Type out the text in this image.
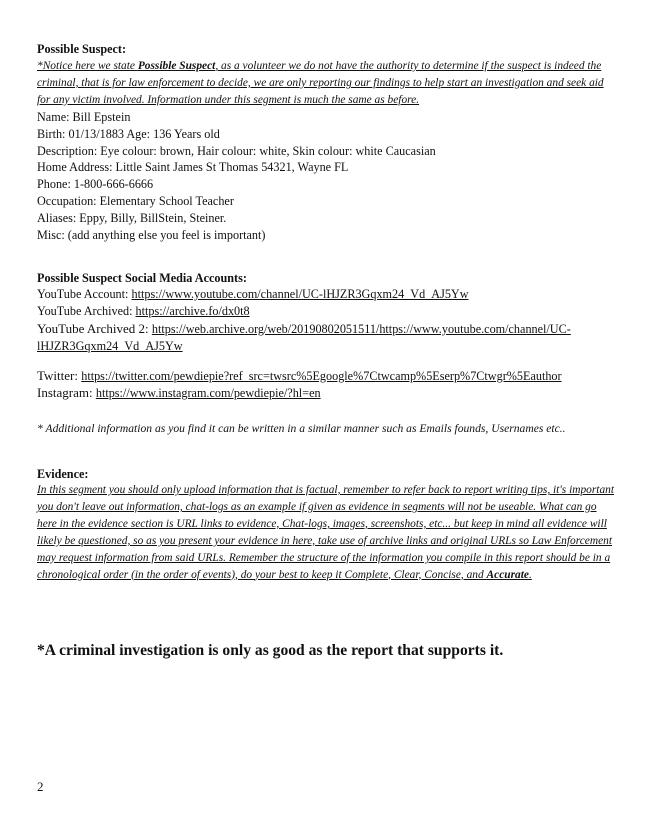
Possible Suspect:
*Notice here we state Possible Suspect, as a volunteer we do not have the authority to determine if the suspect is indeed the criminal, that is for law enforcement to decide, we are only reporting our findings to help start an investigation and seek aid for any victim involved. Information under this segment is much the same as before.
Name: Bill Epstein
Birth: 01/13/1883 Age: 136 Years old
Description: Eye colour: brown, Hair colour: white, Skin colour: white Caucasian
Home Address: Little Saint James St Thomas 54321, Wayne FL
Phone: 1-800-666-6666
Occupation: Elementary School Teacher
Aliases: Eppy, Billy, BillStein, Steiner.
Misc: (add anything else you feel is important)
Possible Suspect Social Media Accounts:
YouTube Account: https://www.youtube.com/channel/UC-lHJZR3Gqxm24_Vd_AJ5Yw
YouTube Archived: https://archive.fo/dx0t8
YouTube Archived 2: https://web.archive.org/web/20190802051511/https://www.youtube.com/channel/UC-
lHJZR3Gqxm24_Vd_AJ5Yw
Twitter: https://twitter.com/pewdiepie?ref_src=twsrc%5Egoogle%7Ctwcamp%5Eserp%7Ctwgr%5Eauthor
Instagram: https://www.instagram.com/pewdiepie/?hl=en
* Additional information as you find it can be written in a similar manner such as Emails founds, Usernames etc..
Evidence:
In this segment you should only upload information that is factual, remember to refer back to report writing tips, it's important you don't leave out information, chat-logs as an example if given as evidence in segments will not be useable. What can go here in the evidence section is URL links to evidence, Chat-logs, images, screenshots, etc... but keep in mind all evidence will likely be questioned, so as you present your evidence in here, take use of archive links and original URLs so Law Enforcement may request information from said URLs. Remember the structure of the information you compile in this report should be in a chronological order (in the order of events), do your best to keep it Complete, Clear, Concise, and Accurate.
*A criminal investigation is only as good as the report that supports it.
2
